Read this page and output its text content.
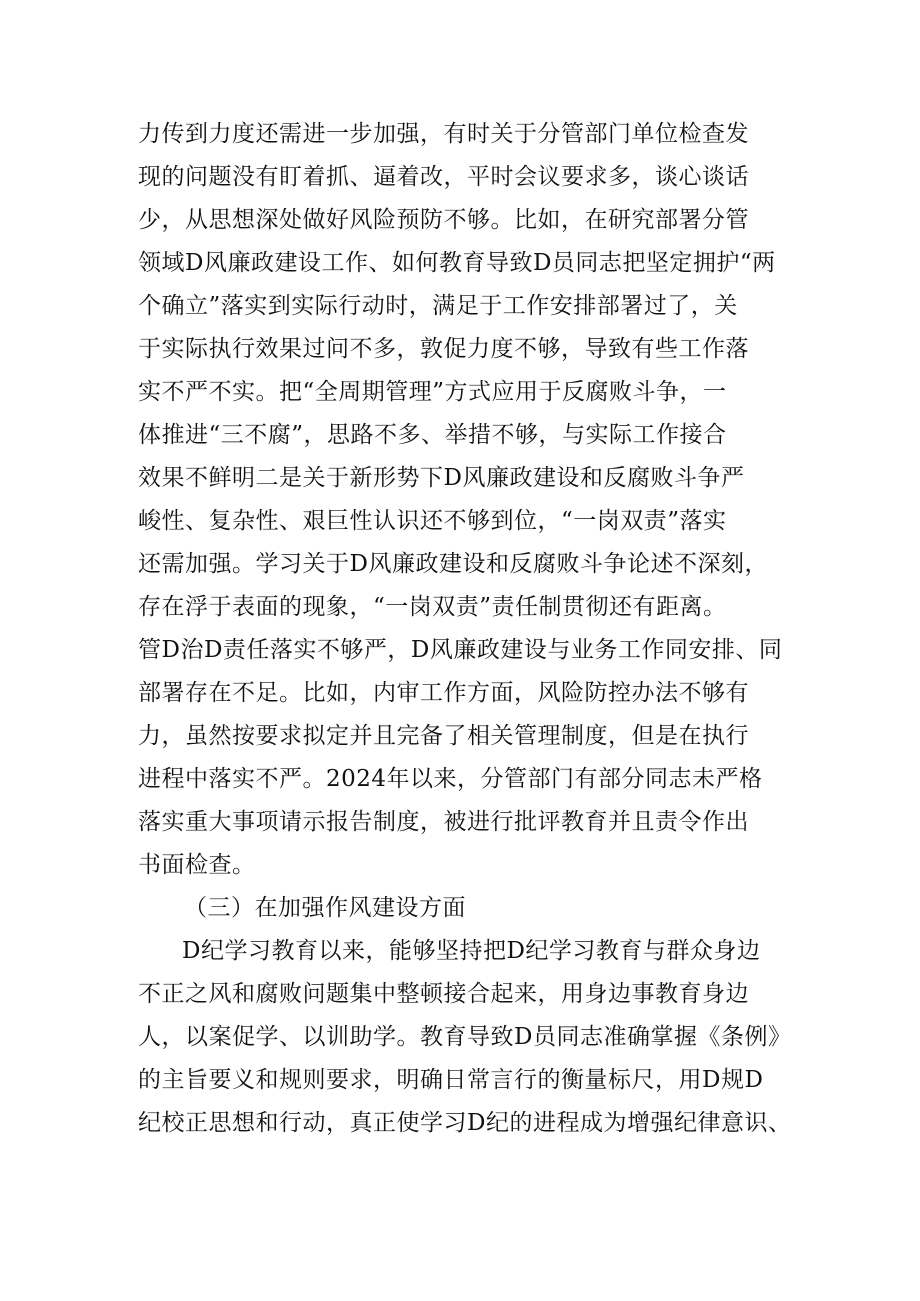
力传到力度还需进一步加强，有时关于分管部门单位检查发
现的问题没有盯着抓、逼着改，平时会议要求多，谈心谈话
少，从思想深处做好风险预防不够。比如，在研究部署分管
领域D风廉政建设工作、如何教育导致D员同志把坚定拥护“两
个确立”落实到实际行动时，满足于工作安排部署过了，关
于实际执行效果过问不多，敦促力度不够，导致有些工作落
实不严不实。把“全周期管理”方式应用于反腐败斗争，一
体推进“三不腐”，思路不多、举措不够，与实际工作接合
效果不鲜明二是关于新形势下D风廉政建设和反腐败斗争严
峻性、复杂性、艰巨性认识还不够到位，“一岗双责”落实
还需加强。学习关于D风廉政建设和反腐败斗争论述不深刻，
存在浮于表面的现象，“一岗双责”责任制贯彻还有距离。
管D治D责任落实不够严，D风廉政建设与业务工作同安排、同
部署存在不足。比如，内审工作方面，风险防控办法不够有
力，虽然按要求拟定并且完备了相关管理制度，但是在执行
进程中落实不严。2024年以来，分管部门有部分同志未严格
落实重大事项请示报告制度，被进行批评教育并且责令作出
书面检查。
（三）在加强作风建设方面
D纪学习教育以来，能够坚持把D纪学习教育与群众身边
不正之风和腐败问题集中整顿接合起来，用身边事教育身边
人，以案促学、以训助学。教育导致D员同志准确掌握《条例》
的主旨要义和规则要求，明确日常言行的衡量标尺，用D规D
纪校正思想和行动，真正使学习D纪的进程成为增强纪律意识、
